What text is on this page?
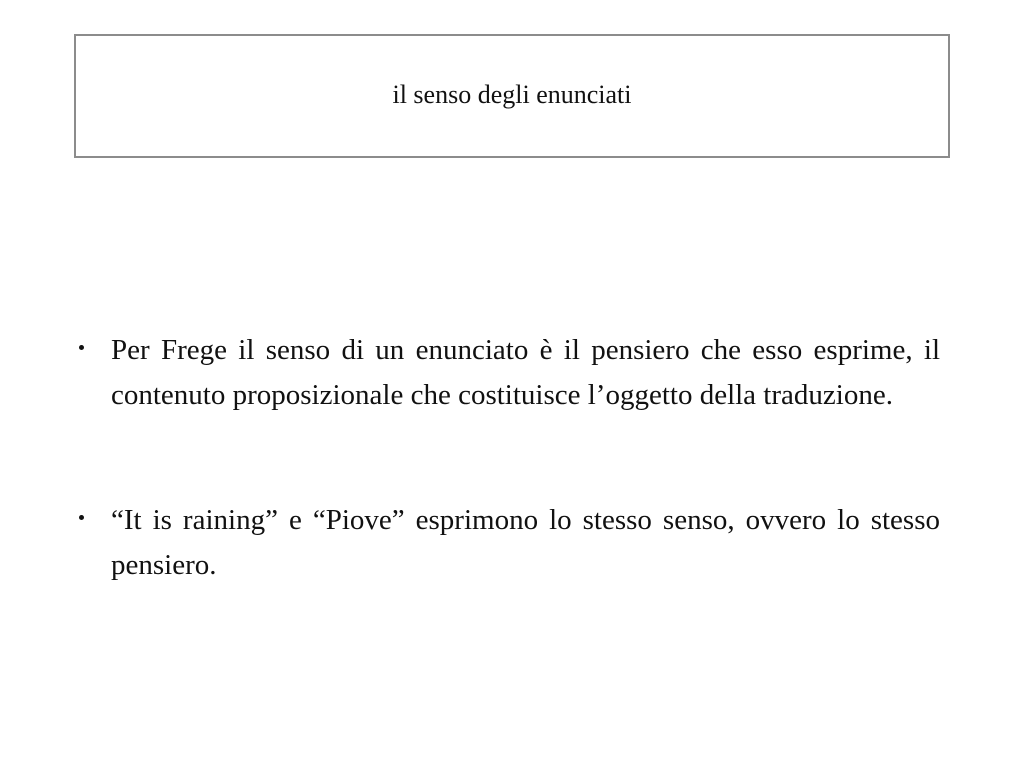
il senso degli enunciati
Per Frege il senso di un enunciato è il pensiero che esso esprime, il contenuto proposizionale che costituisce l’oggetto della traduzione.
“It is raining” e “Piove” esprimono lo stesso senso, ovvero lo stesso pensiero.
